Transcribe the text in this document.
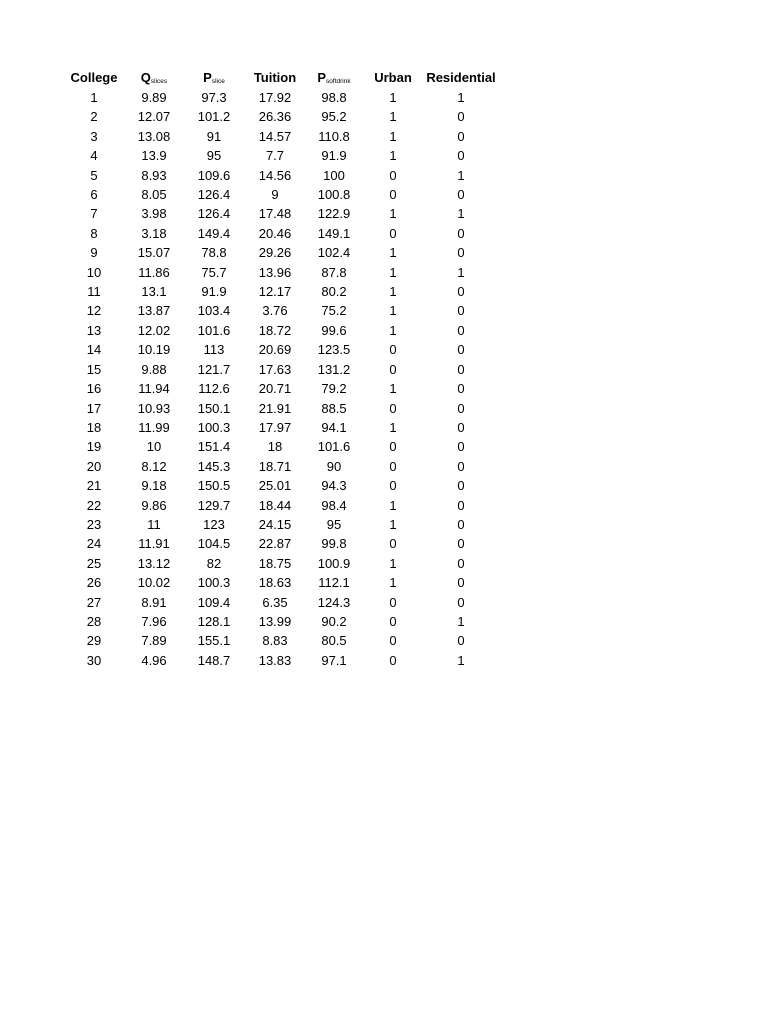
College	$Q_{slices}$	$P_{slice}$	Tuition	$P_{softdrink}$	Urban	Residential
1	9.89	97.3	17.92	98.8	1	1
2	12.07	101.2	26.36	95.2	1	0
3	13.08	91	14.57	110.8	1	0
4	13.9	95	7.7	91.9	1	0
5	8.93	109.6	14.56	100	0	1
6	8.05	126.4	9	100.8	0	0
7	3.98	126.4	17.48	122.9	1	1
8	3.18	149.4	20.46	149.1	0	0
9	15.07	78.8	29.26	102.4	1	0
10	11.86	75.7	13.96	87.8	1	1
11	13.1	91.9	12.17	80.2	1	0
12	13.87	103.4	3.76	75.2	1	0
13	12.02	101.6	18.72	99.6	1	0
14	10.19	113	20.69	123.5	0	0
15	9.88	121.7	17.63	131.2	0	0
16	11.94	112.6	20.71	79.2	1	0
17	10.93	150.1	21.91	88.5	0	0
18	11.99	100.3	17.97	94.1	1	0
19	10	151.4	18	101.6	0	0
20	8.12	145.3	18.71	90	0	0
21	9.18	150.5	25.01	94.3	0	0
22	9.86	129.7	18.44	98.4	1	0
23	11	123	24.15	95	1	0
24	11.91	104.5	22.87	99.8	0	0
25	13.12	82	18.75	100.9	1	0
26	10.02	100.3	18.63	112.1	1	0
27	8.91	109.4	6.35	124.3	0	0
28	7.96	128.1	13.99	90.2	0	1
29	7.89	155.1	8.83	80.5	0	0
30	4.96	148.7	13.83	97.1	0	1
